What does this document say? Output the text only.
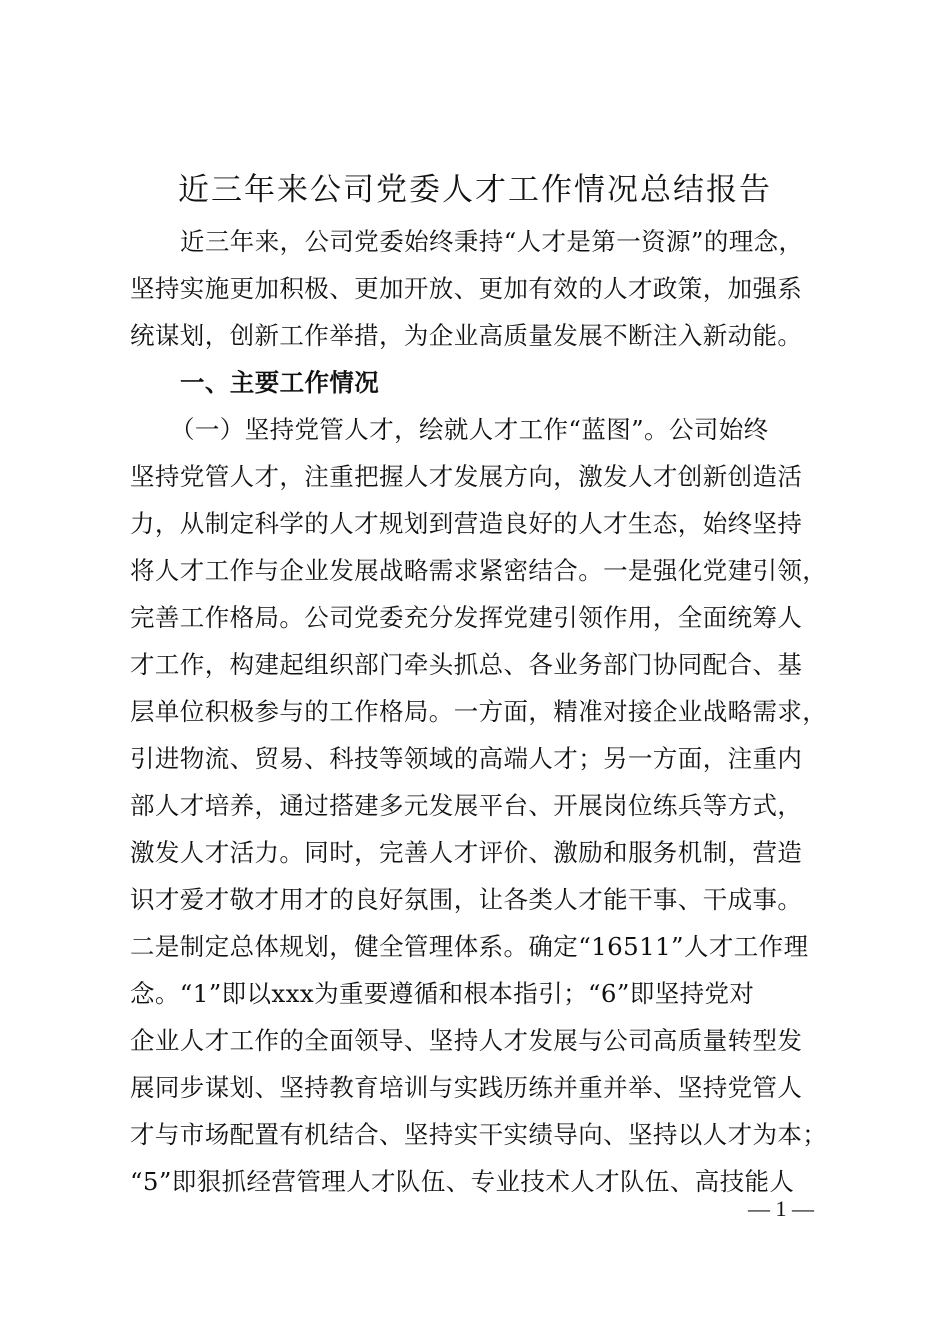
近三年来公司党委人才工作情况总结报告
近三年来，公司党委始终秉持“人才是第一资源”的理念，
坚持实施更加积极、更加开放、更加有效的人才政策，加强系
统谋划，创新工作举措，为企业高质量发展不断注入新动能。
一、主要工作情况
（一）坚持党管人才，绘就人才工作“蓝图”。公司始终
坚持党管人才，注重把握人才发展方向，激发人才创新创造活
力，从制定科学的人才规划到营造良好的人才生态，始终坚持
将人才工作与企业发展战略需求紧密结合。一是强化党建引领，
完善工作格局。公司党委充分发挥党建引领作用，全面统筹人
才工作，构建起组织部门牵头抓总、各业务部门协同配合、基
层单位积极参与的工作格局。一方面，精准对接企业战略需求，
引进物流、贸易、科技等领域的高端人才；另一方面，注重内
部人才培养，通过搭建多元发展平台、开展岗位练兵等方式，
激发人才活力。同时，完善人才评价、激励和服务机制，营造
识才爱才敬才用才的良好氛围，让各类人才能干事、干成事。
二是制定总体规划，健全管理体系。确定“16511”人才工作理
念。“1”即以xxx为重要遵循和根本指引；“6”即坚持党对
企业人才工作的全面领导、坚持人才发展与公司高质量转型发
展同步谋划、坚持教育培训与实践历练并重并举、坚持党管人
才与市场配置有机结合、坚持实干实绩导向、坚持以人才为本；
“5”即狠抓经营管理人才队伍、专业技术人才队伍、高技能人
— 1 —
